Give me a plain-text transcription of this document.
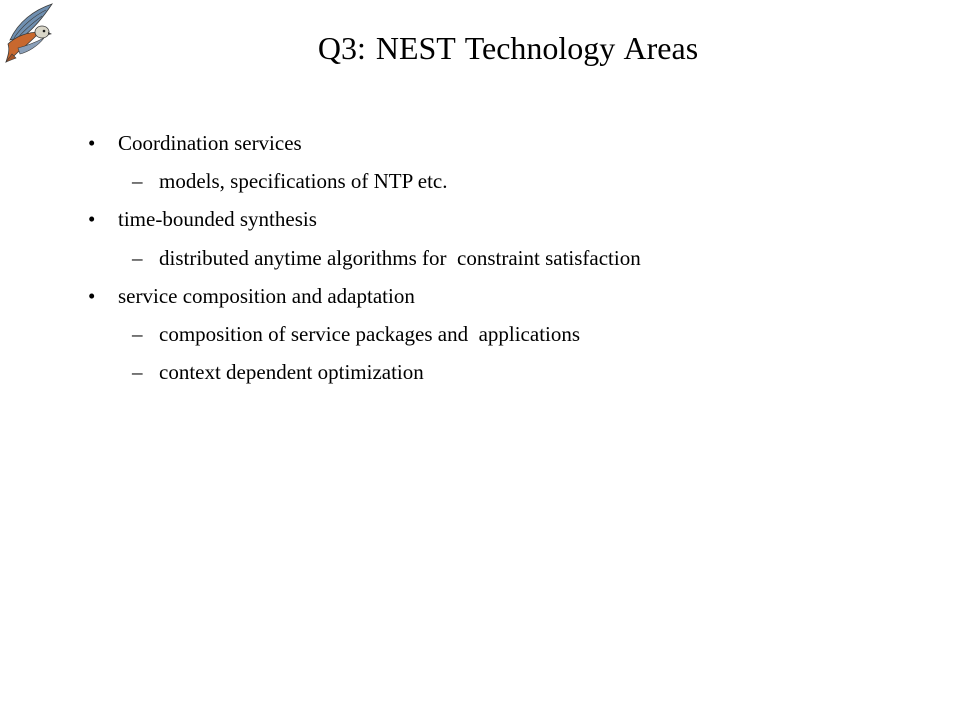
Q3: NEST Technology Areas
•	Coordination services
– models, specifications of NTP etc.
•	time-bounded synthesis
– distributed anytime algorithms for  constraint satisfaction
•	service composition and adaptation
– composition of service packages and  applications
– context dependent optimization
